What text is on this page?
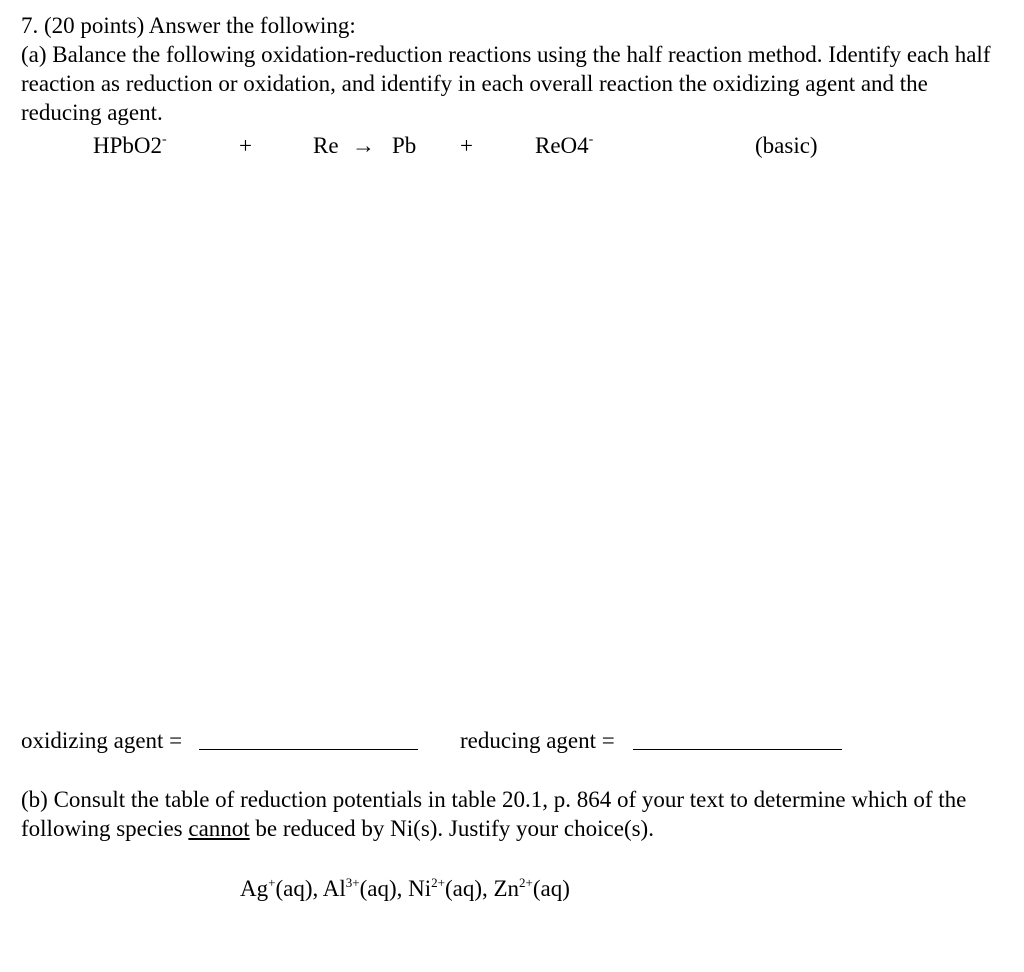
7. (20 points) Answer the following:

(a) Balance the following oxidation-reduction reactions using the half reaction method. Identify each half reaction as reduction or oxidation, and identify in each overall reaction the oxidizing agent and the reducing agent.

HPbO2-	+	Re → Pb +	ReO4-	(basic)
oxidizing agent =	reducing agent =

(b) Consult the table of reduction potentials in table 20.1, p. 864 of your text to determine which of the following species cannot be reduced by Ni(s). Justify your choice(s).

Ag+(aq), $Al^{3+}(aq)$, $Ni^{2+}(aq)$, $Zn^{2+}(aq)$
